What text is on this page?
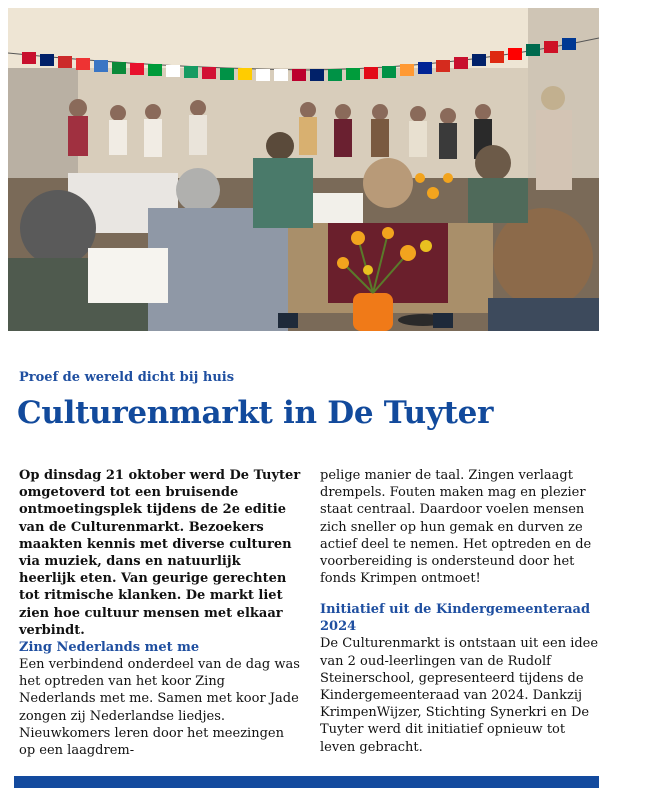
Proef de wereld dicht bij huis

Culturenmarkt in De Tuyter

Op dinsdag 21 oktober werd De Tuyter omgetoverd tot een bruisende ontmoetingsplek tijdens de 2e editie van de Culturenmarkt. Bezoekers maakten kennis met diverse culturen via muziek, dans en natuurlijk heerlijk eten. Van geurige gerechten tot ritmische klanken. De markt liet zien hoe cultuur mensen met elkaar verbindt.

Zing Nederlands met me

Een verbindend onderdeel van de dag was het optreden van het koor Zing Nederlands met me. Samen met koor Jade zongen zij Nederlandse liedjes. Nieuwkomers leren door het meezingen op een laagdrem-

pelige manier de taal. Zingen verlaagt drempels. Fouten maken mag en plezier staat centraal. Daardoor voelen mensen zich sneller op hun gemak en durven ze actief deel te nemen. Het optreden en de voorbereiding is ondersteund door het fonds Krimpen ontmoet!

Initiatief uit de Kindergemeenteraad 2024

De Culturenmarkt is ontstaan uit een idee van 2 oud-leerlingen van de Rudolf Steinerschool, gepresenteerd tijdens de Kindergemeenteraad van 2024. Dankzij KrimpenWijzer, Stichting Synerkri en De Tuyter werd dit initiatief opnieuw tot leven gebracht.
